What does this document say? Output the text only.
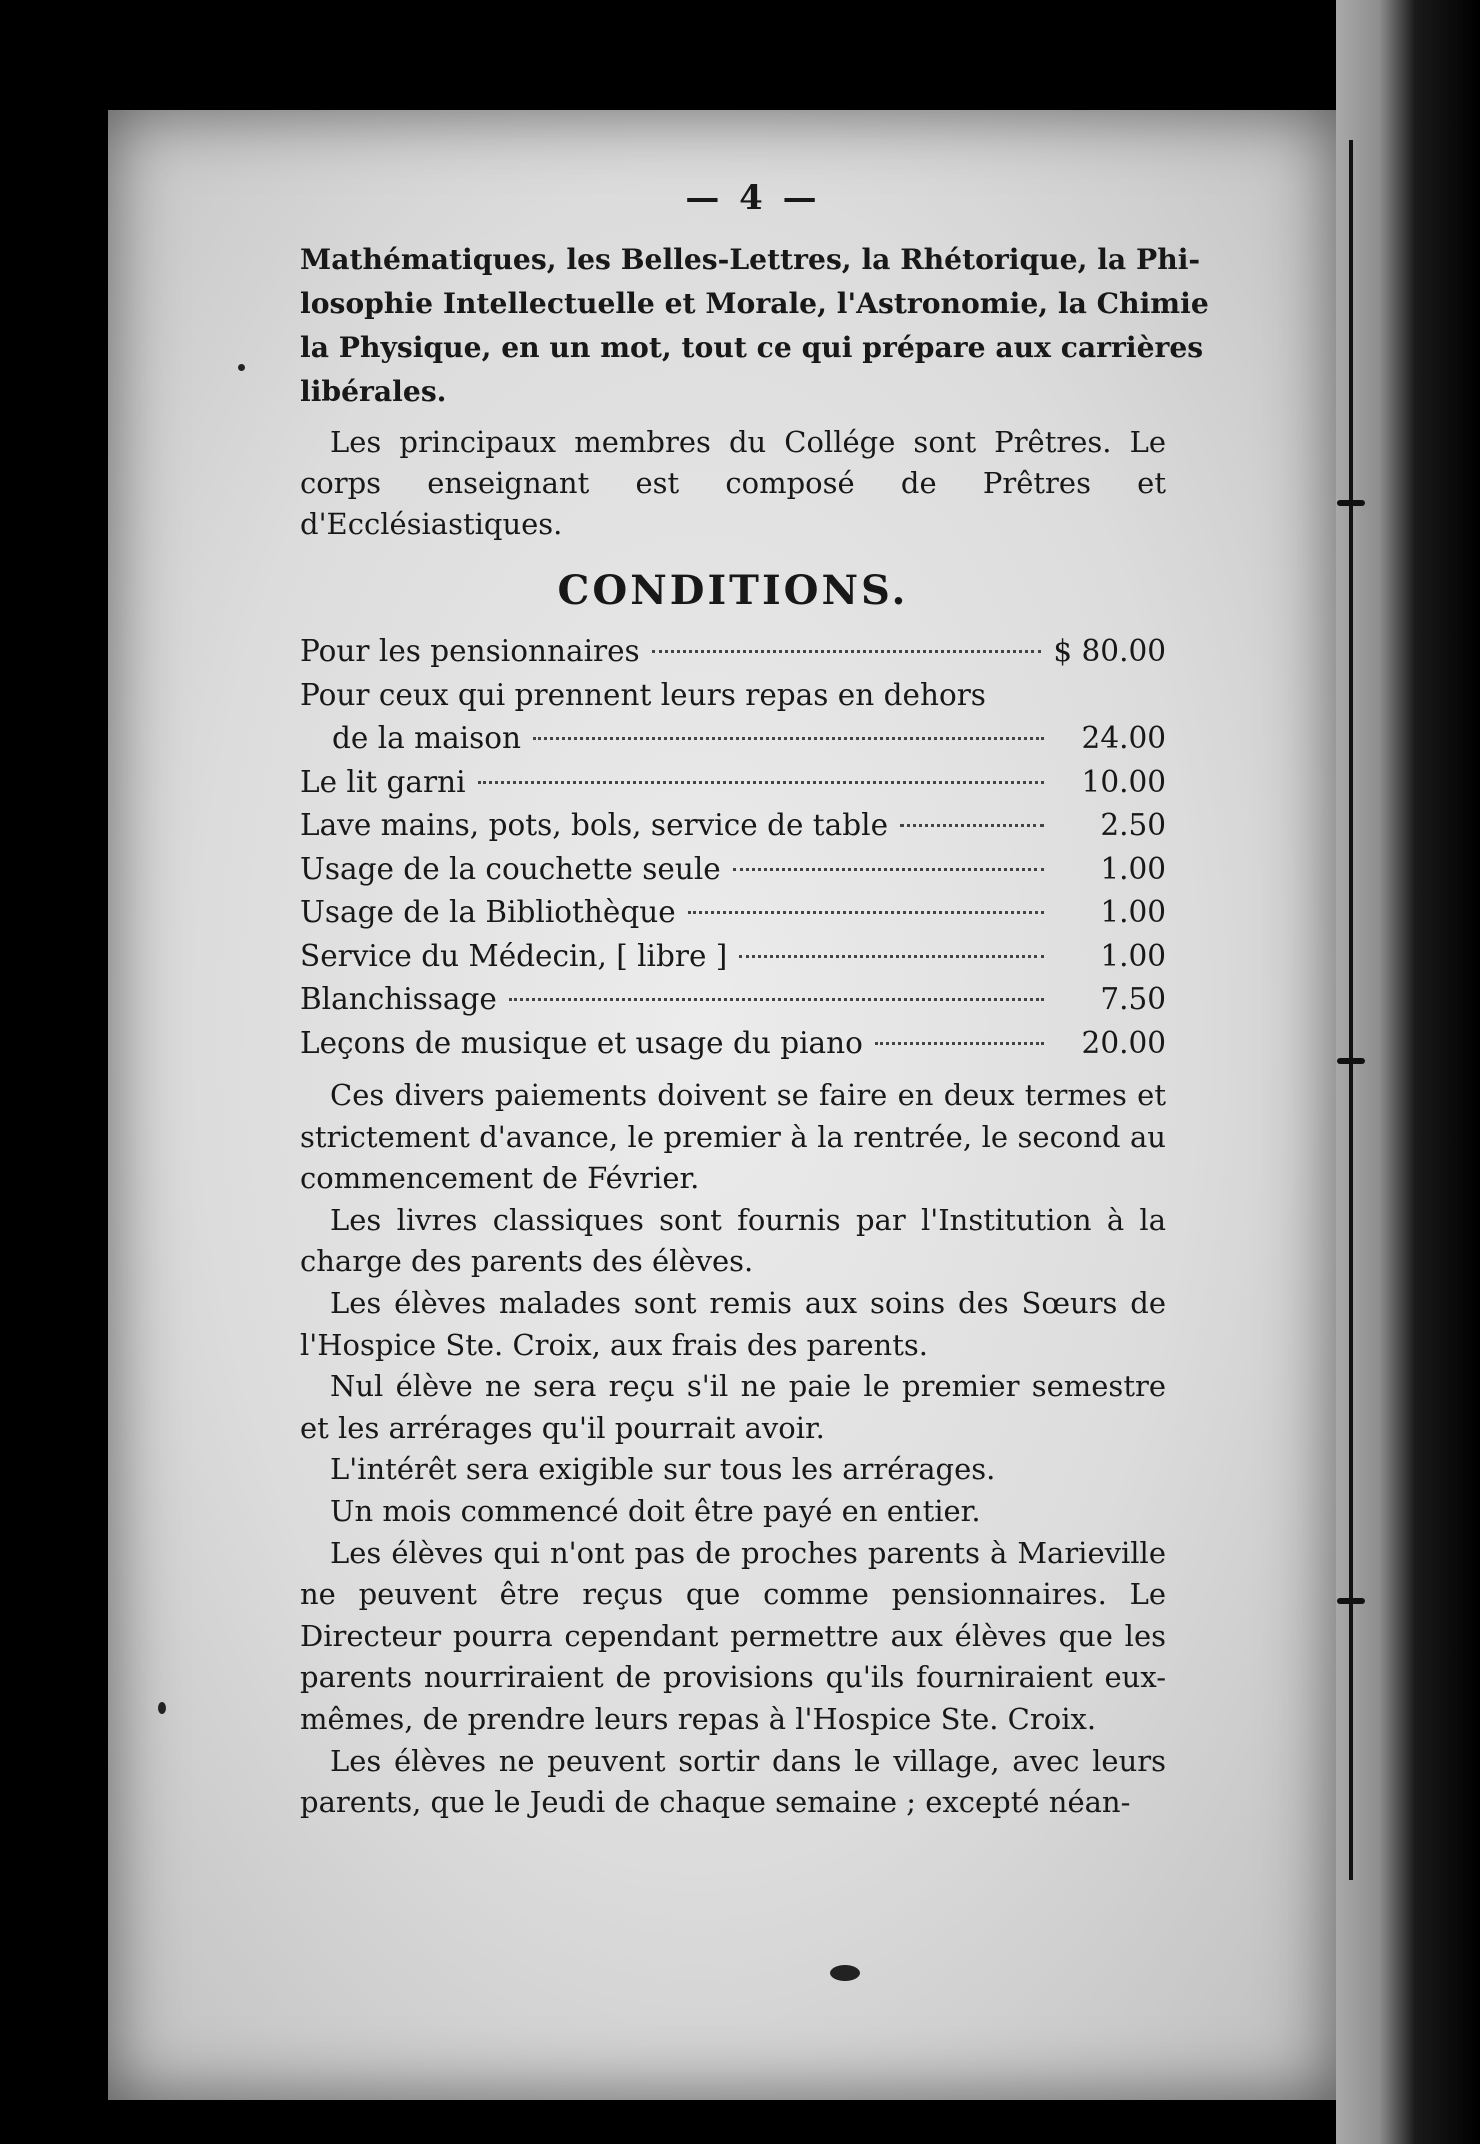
— 4 —
Mathématiques, les Belles-Lettres, la Rhétorique, la Phi-
losophie Intellectuelle et Morale, l'Astronomie, la Chimie
la Physique, en un mot, tout ce qui prépare aux carrières
libérales.

Les principaux membres du Collége sont Prêtres. Le corps enseignant est composé de Prêtres et d'Ecclésiastiques.

CONDITIONS.
Pour les pensionnaires	$ 80.00
Pour ceux qui prennent leurs repas en dehors
de la maison	24.00
Le lit garni	10.00
Lave mains, pots, bols, service de table	2.50
Usage de la couchette seule	1.00
Usage de la Bibliothèque	1.00
Service du Médecin, [ libre ]	1.00
Blanchissage	7.50
Leçons de musique et usage du piano	20.00

Ces divers paiements doivent se faire en deux termes et strictement d'avance, le premier à la rentrée, le second au commencement de Février.

Les livres classiques sont fournis par l'Institution à la charge des parents des élèves.

Les élèves malades sont remis aux soins des Sœurs de l'Hospice Ste. Croix, aux frais des parents.

Nul élève ne sera reçu s'il ne paie le premier semestre et les arrérages qu'il pourrait avoir.

L'intérêt sera exigible sur tous les arrérages.

Un mois commencé doit être payé en entier.

Les élèves qui n'ont pas de proches parents à Marieville ne peuvent être reçus que comme pensionnaires. Le Directeur pourra cependant permettre aux élèves que les parents nourriraient de provisions qu'ils fourniraient eux-mêmes, de prendre leurs repas à l'Hospice Ste. Croix.

Les élèves ne peuvent sortir dans le village, avec leurs parents, que le Jeudi de chaque semaine ; excepté néan-
